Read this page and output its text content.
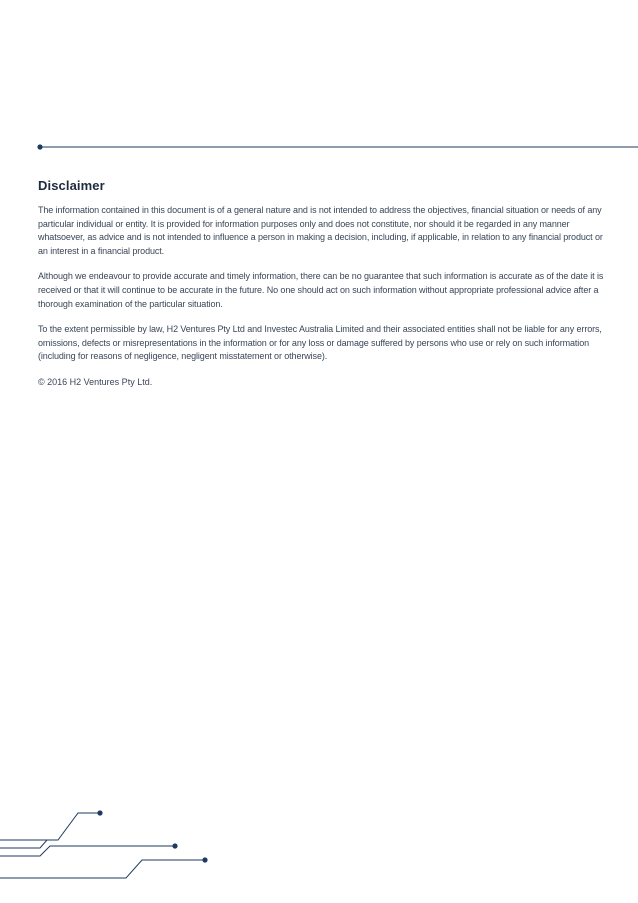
Disclaimer

The information contained in this document is of a general nature and is not intended to address the objectives, financial situation or needs of any particular individual or entity. It is provided for information purposes only and does not constitute, nor should it be regarded in any manner whatsoever, as advice and is not intended to influence a person in making a decision, including, if applicable, in relation to any financial product or an interest in a financial product.

Although we endeavour to provide accurate and timely information, there can be no guarantee that such information is accurate as of the date it is received or that it will continue to be accurate in the future. No one should act on such information without appropriate professional advice after a thorough examination of the particular situation.

To the extent permissible by law, H2 Ventures Pty Ltd and Investec Australia Limited and their associated entities shall not be liable for any errors, omissions, defects or misrepresentations in the information or for any loss or damage suffered by persons who use or rely on such information (including for reasons of negligence, negligent misstatement or otherwise).

© 2016 H2 Ventures Pty Ltd.
